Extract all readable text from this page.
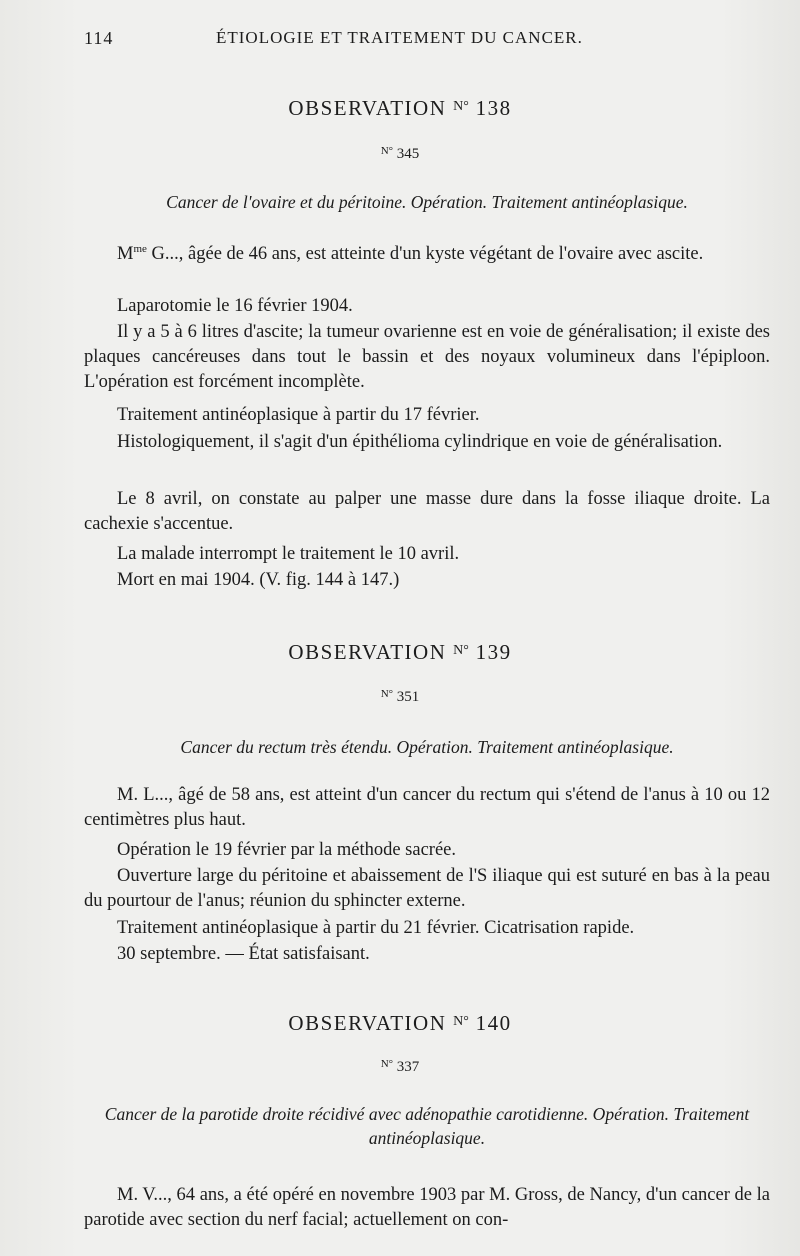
114	ÉTIOLOGIE ET TRAITEMENT DU CANCER.
OBSERVATION $^{N^\circ}$ 138
$^{N^\circ}$ 345
Cancer de l'ovaire et du péritoine. Opération. Traitement antinéoplasique.
$M^{me}$ G..., âgée de 46 ans, est atteinte d'un kyste végétant de l'ovaire avec ascite.
Laparotomie le 16 février 1904.
Il y a 5 à 6 litres d'ascite; la tumeur ovarienne est en voie de généralisation; il existe des plaques cancéreuses dans tout le bassin et des noyaux volumineux dans l'épiploon. L'opération est forcément incomplète.
Traitement antinéoplasique à partir du 17 février.
Histologiquement, il s'agit d'un épithélioma cylindrique en voie de généralisation.
Le 8 avril, on constate au palper une masse dure dans la fosse iliaque droite. La cachexie s'accentue.
La malade interrompt le traitement le 10 avril.
Mort en mai 1904. (V. fig. 144 à 147.)
OBSERVATION $^{N^\circ}$ 139
$^{N^\circ}$ 351
Cancer du rectum très étendu. Opération. Traitement antinéoplasique.
M. L..., âgé de 58 ans, est atteint d'un cancer du rectum qui s'étend de l'anus à 10 ou 12 centimètres plus haut.
Opération le 19 février par la méthode sacrée.
Ouverture large du péritoine et abaissement de l'S iliaque qui est suturé en bas à la peau du pourtour de l'anus; réunion du sphincter externe.
Traitement antinéoplasique à partir du 21 février. Cicatrisation rapide.
30 septembre. — État satisfaisant.
OBSERVATION $^{N^\circ}$ 140
$^{N^\circ}$ 337
Cancer de la parotide droite récidivé avec adénopathie carotidienne. Opération. Traitement antinéoplasique.
M. V..., 64 ans, a été opéré en novembre 1903 par M. Gross, de Nancy, d'un cancer de la parotide avec section du nerf facial; actuellement on con-
